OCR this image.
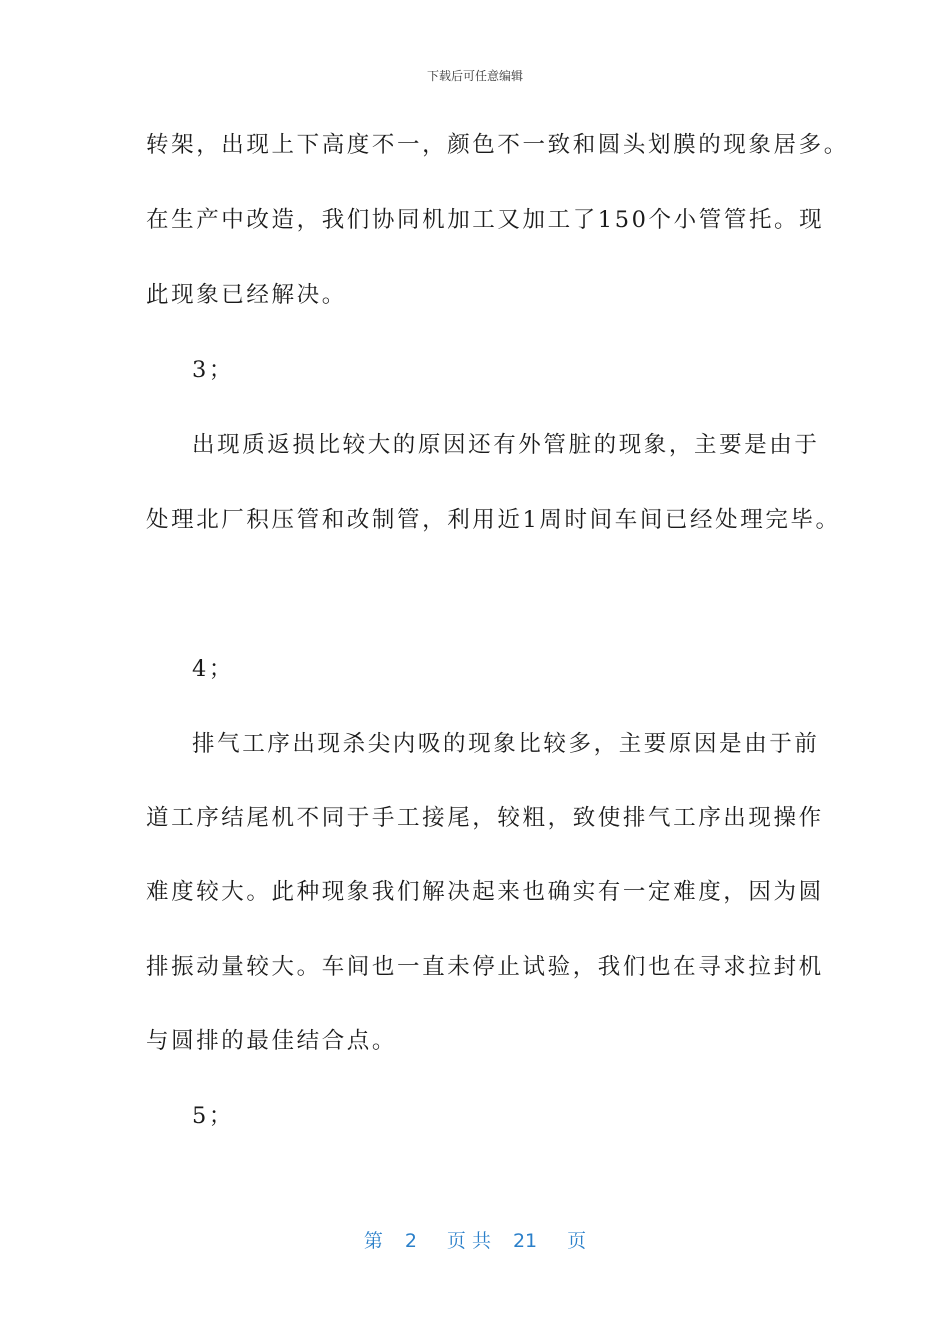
下载后可任意编辑
转架，出现上下高度不一，颜色不一致和圆头划膜的现象居多。
在生产中改造，我们协同机加工又加工了150个小管管托。现
此现象已经解决。
3；
出现质返损比较大的原因还有外管脏的现象，主要是由于
处理北厂积压管和改制管，利用近1周时间车间已经处理完毕。
4；
排气工序出现杀尖内吸的现象比较多，主要原因是由于前
道工序结尾机不同于手工接尾，较粗，致使排气工序出现操作
难度较大。此种现象我们解决起来也确实有一定难度，因为圆
排振动量较大。车间也一直未停止试验，我们也在寻求拉封机
与圆排的最佳结合点。
5；
第 2 页 共 21 页
